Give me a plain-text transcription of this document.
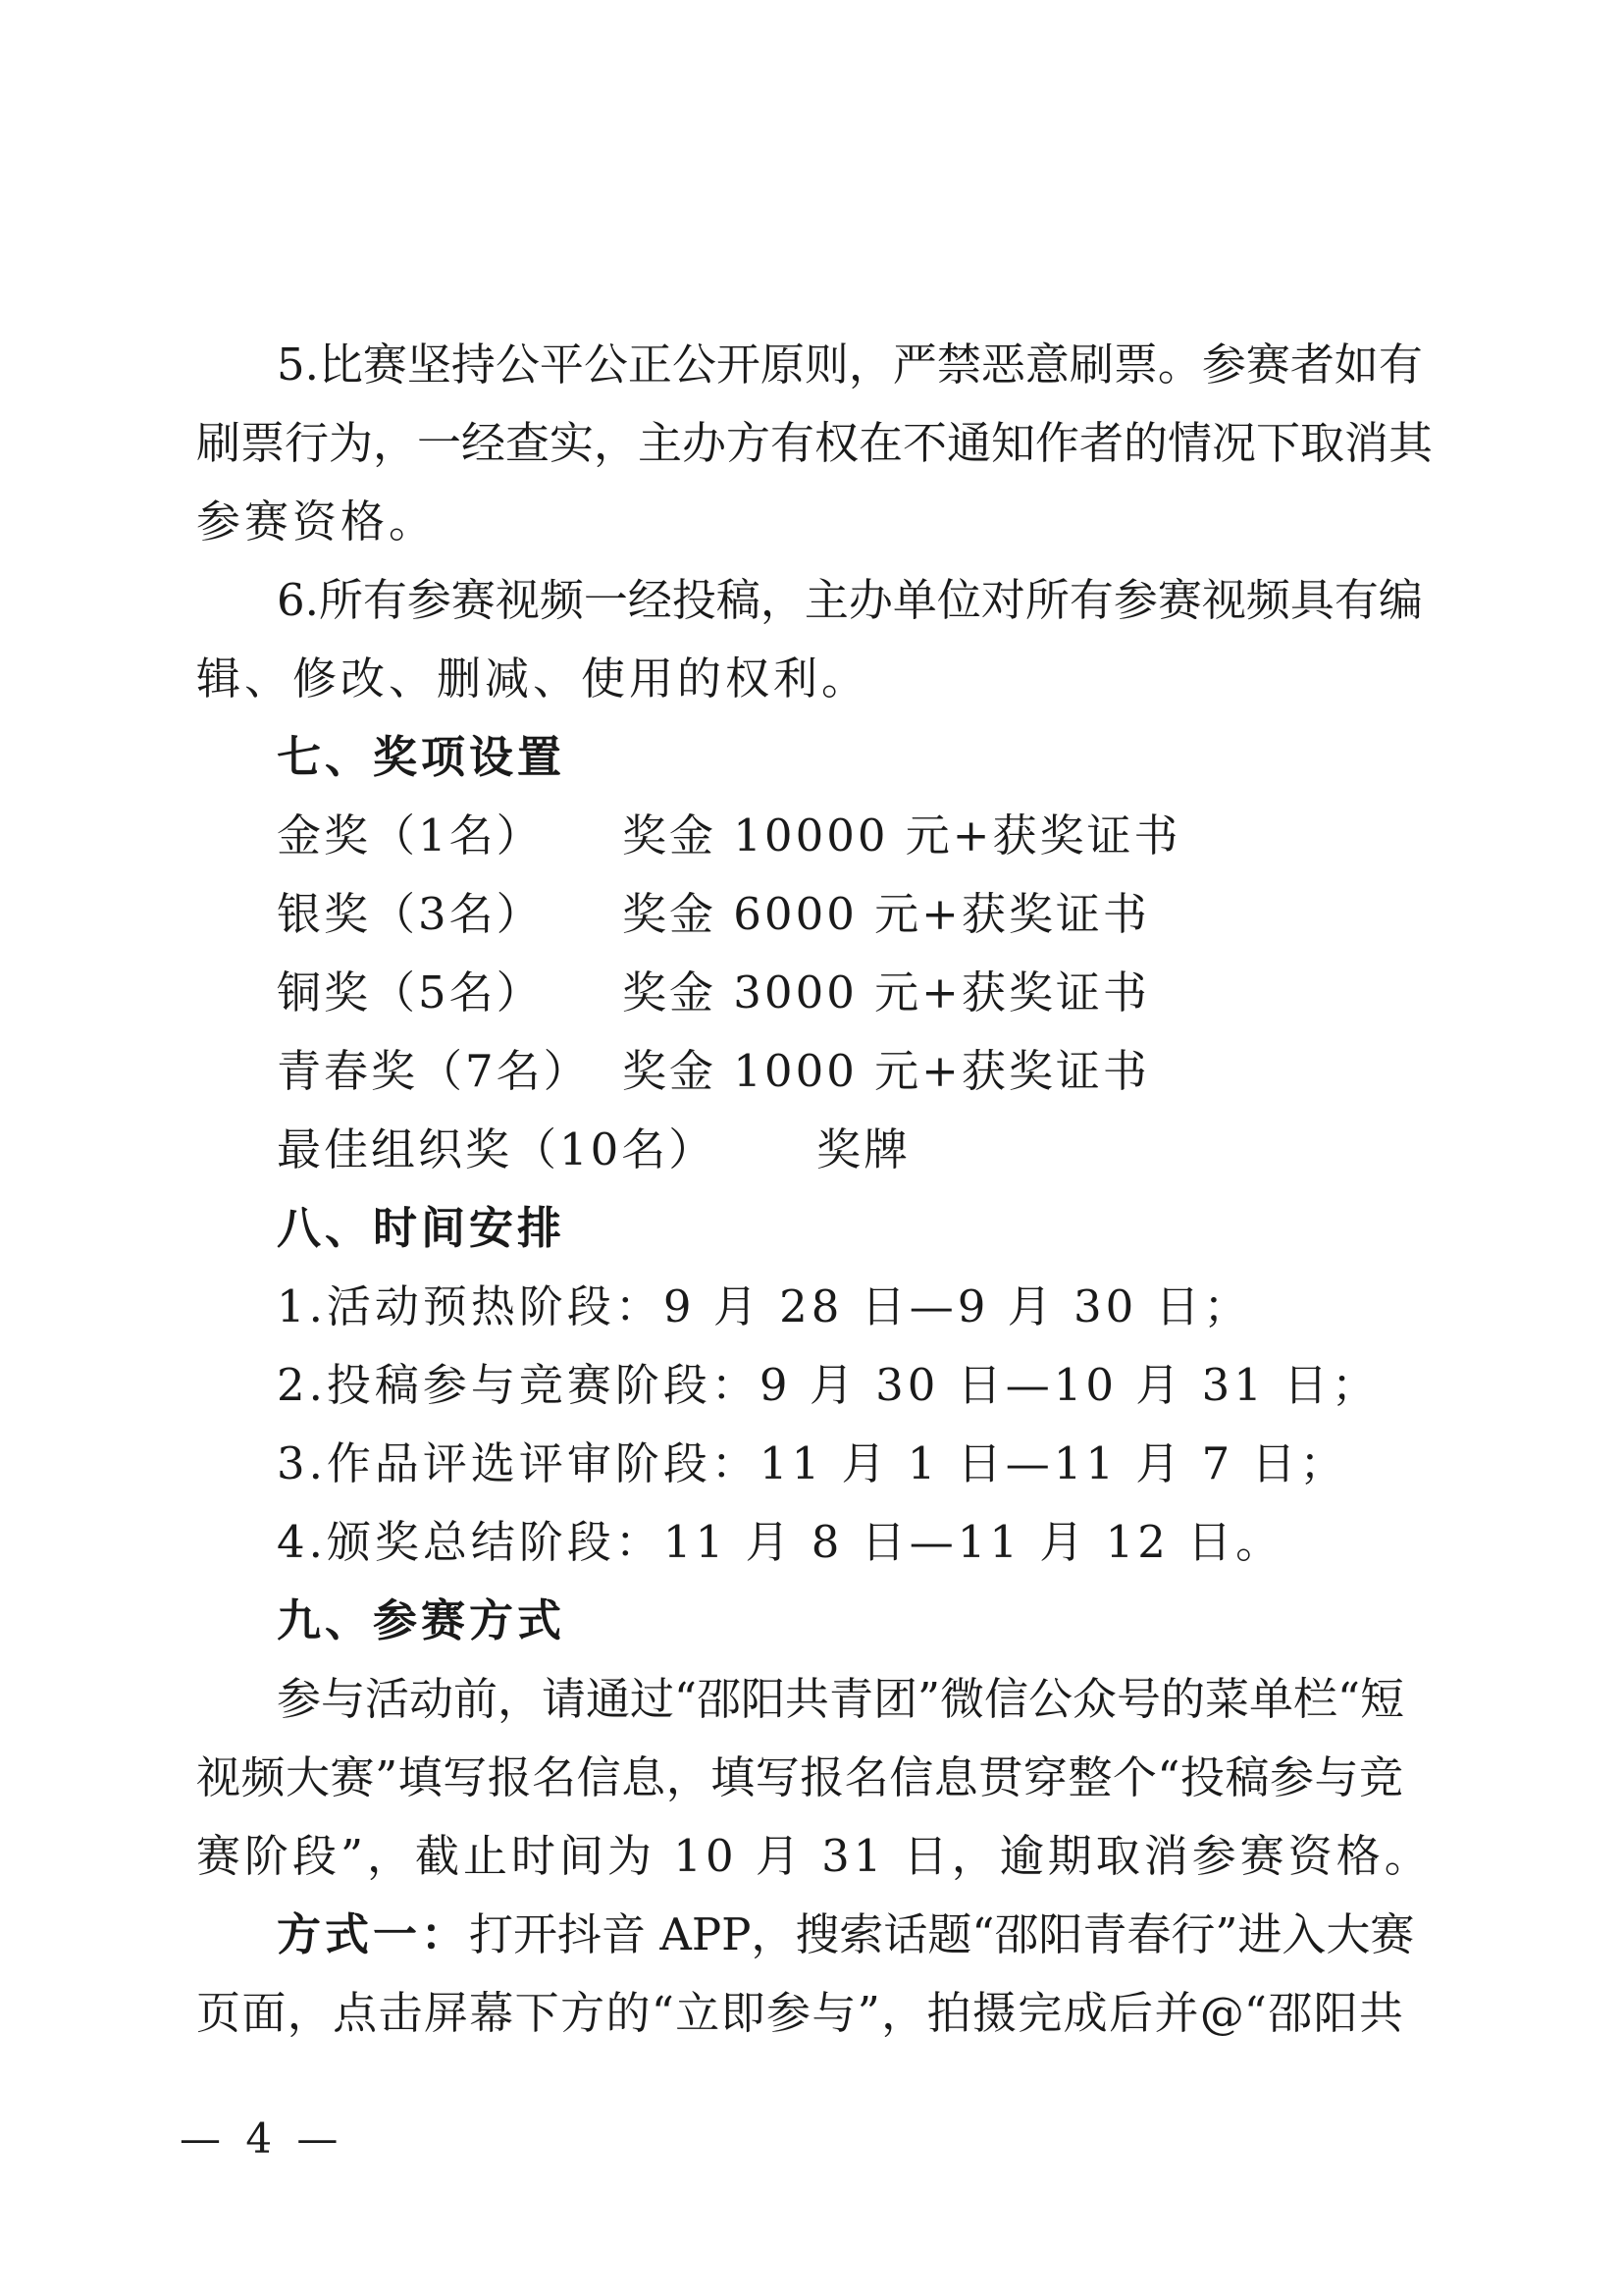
5.比赛坚持公平公正公开原则，严禁恶意刷票。参赛者如有
刷票行为，一经查实，主办方有权在不通知作者的情况下取消其
参赛资格。
6.所有参赛视频一经投稿，主办单位对所有参赛视频具有编
辑、修改、删减、使用的权利。
七、奖项设置
金奖（1名） 奖金 10000 元+获奖证书
银奖（3名） 奖金 6000 元+获奖证书
铜奖（5名） 奖金 3000 元+获奖证书
青春奖（7名） 奖金 1000 元+获奖证书
最佳组织奖（10名） 奖牌
八、时间安排
1.活动预热阶段：9 月 28 日—9 月 30 日；
2.投稿参与竞赛阶段：9 月 30 日—10 月 31 日；
3.作品评选评审阶段：11 月 1 日—11 月 7 日；
4.颁奖总结阶段：11 月 8 日—11 月 12 日。
九、参赛方式
参与活动前，请通过“邵阳共青团”微信公众号的菜单栏“短
视频大赛”填写报名信息，填写报名信息贯穿整个“投稿参与竞
赛阶段”，截止时间为 10 月 31 日，逾期取消参赛资格。
方式一： 打开抖音 APP，搜索话题“邵阳青春行”进入大赛
页面，点击屏幕下方的“立即参与”，拍摄完成后并@“邵阳共
— 4 —
